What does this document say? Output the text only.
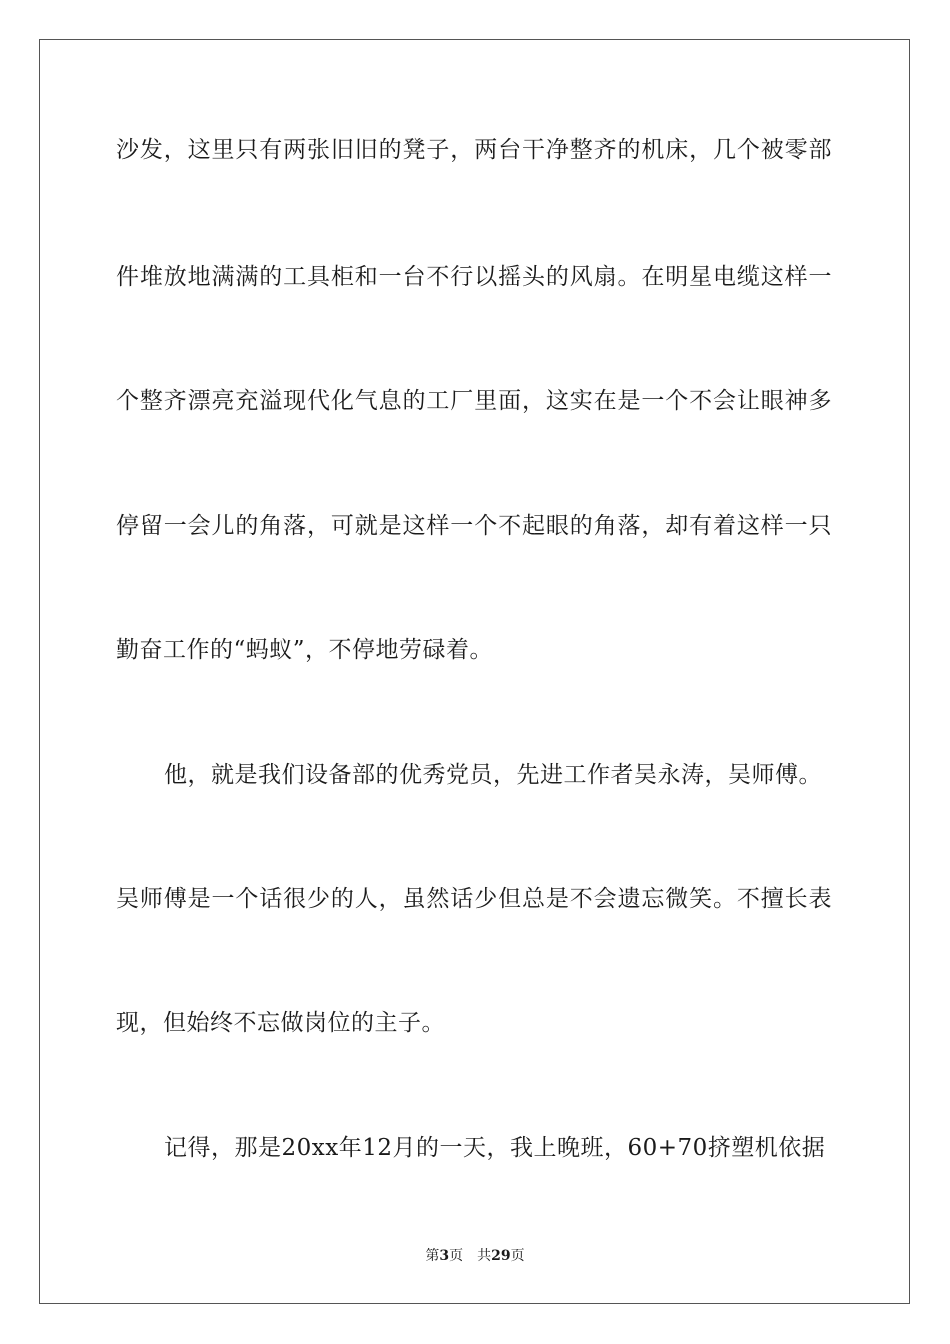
沙发，这里只有两张旧旧的凳子，两台干净整齐的机床，几个被零部
件堆放地满满的工具柜和一台不行以摇头的风扇。在明星电缆这样一
个整齐漂亮充溢现代化气息的工厂里面，这实在是一个不会让眼神多
停留一会儿的角落，可就是这样一个不起眼的角落，却有着这样一只
勤奋工作的“蚂蚁”，不停地劳碌着。
他，就是我们设备部的优秀党员，先进工作者吴永涛，吴师傅。
吴师傅是一个话很少的人，虽然话少但总是不会遗忘微笑。不擅长表
现，但始终不忘做岗位的主子。
记得，那是20xx年12月的一天，我上晚班，60+70挤塑机依据
第3页 共29页
